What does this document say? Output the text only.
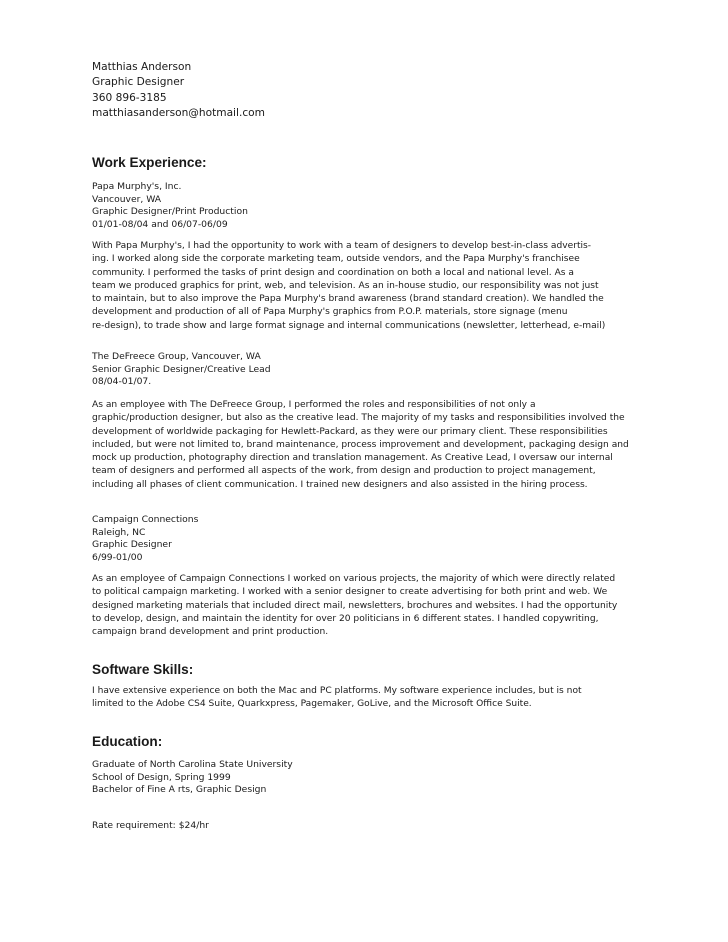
Matthias Anderson
Graphic Designer
360 896-3185
matthiasanderson@hotmail.com
Work Experience:
Papa Murphy's, Inc.
Vancouver, WA
Graphic Designer/Print Production
01/01-08/04 and 06/07-06/09
With Papa Murphy's, I had the opportunity to work with a team of designers to develop best-in-class advertis-
ing. I worked along side the corporate marketing team, outside vendors, and the Papa Murphy's franchisee
community. I performed the tasks of print design and coordination on both a local and national level. As a
team we produced graphics for print, web, and television. As an in-house studio, our responsibility was not just
to maintain, but to also improve the Papa Murphy's brand awareness (brand standard creation). We handled the
development and production of all of Papa Murphy's graphics from P.O.P. materials, store signage (menu
re-design), to trade show and large format signage and internal communications (newsletter, letterhead, e-mail)
The DeFreece Group, Vancouver, WA
Senior Graphic Designer/Creative Lead
08/04-01/07.
As an employee with The DeFreece Group, I performed the roles and responsibilities of not only a
graphic/production designer, but also as the creative lead. The majority of my tasks and responsibilities involved the
development of worldwide packaging for Hewlett-Packard, as they were our primary client. These responsibilities
included, but were not limited to, brand maintenance, process improvement and development, packaging design and
mock up production, photography direction and translation management. As Creative Lead, I oversaw our internal
team of designers and performed all aspects of the work, from design and production to project management,
including all phases of client communication. I trained new designers and also assisted in the hiring process.
Campaign Connections
Raleigh, NC
Graphic Designer
6/99-01/00
As an employee of Campaign Connections I worked on various projects, the majority of which were directly related
to political campaign marketing. I worked with a senior designer to create advertising for both print and web. We
designed marketing materials that included direct mail, newsletters, brochures and websites. I had the opportunity
to develop, design, and maintain the identity for over 20 politicians in 6 different states. I handled copywriting,
campaign brand development and print production.
Software Skills:
I have extensive experience on both the Mac and PC platforms. My software experience includes, but is not
limited to the Adobe CS4 Suite, Quarkxpress, Pagemaker, GoLive, and the Microsoft Office Suite.
Education:
Graduate of North Carolina State University
School of Design, Spring 1999
Bachelor of Fine A rts, Graphic Design
Rate requirement: $24/hr
